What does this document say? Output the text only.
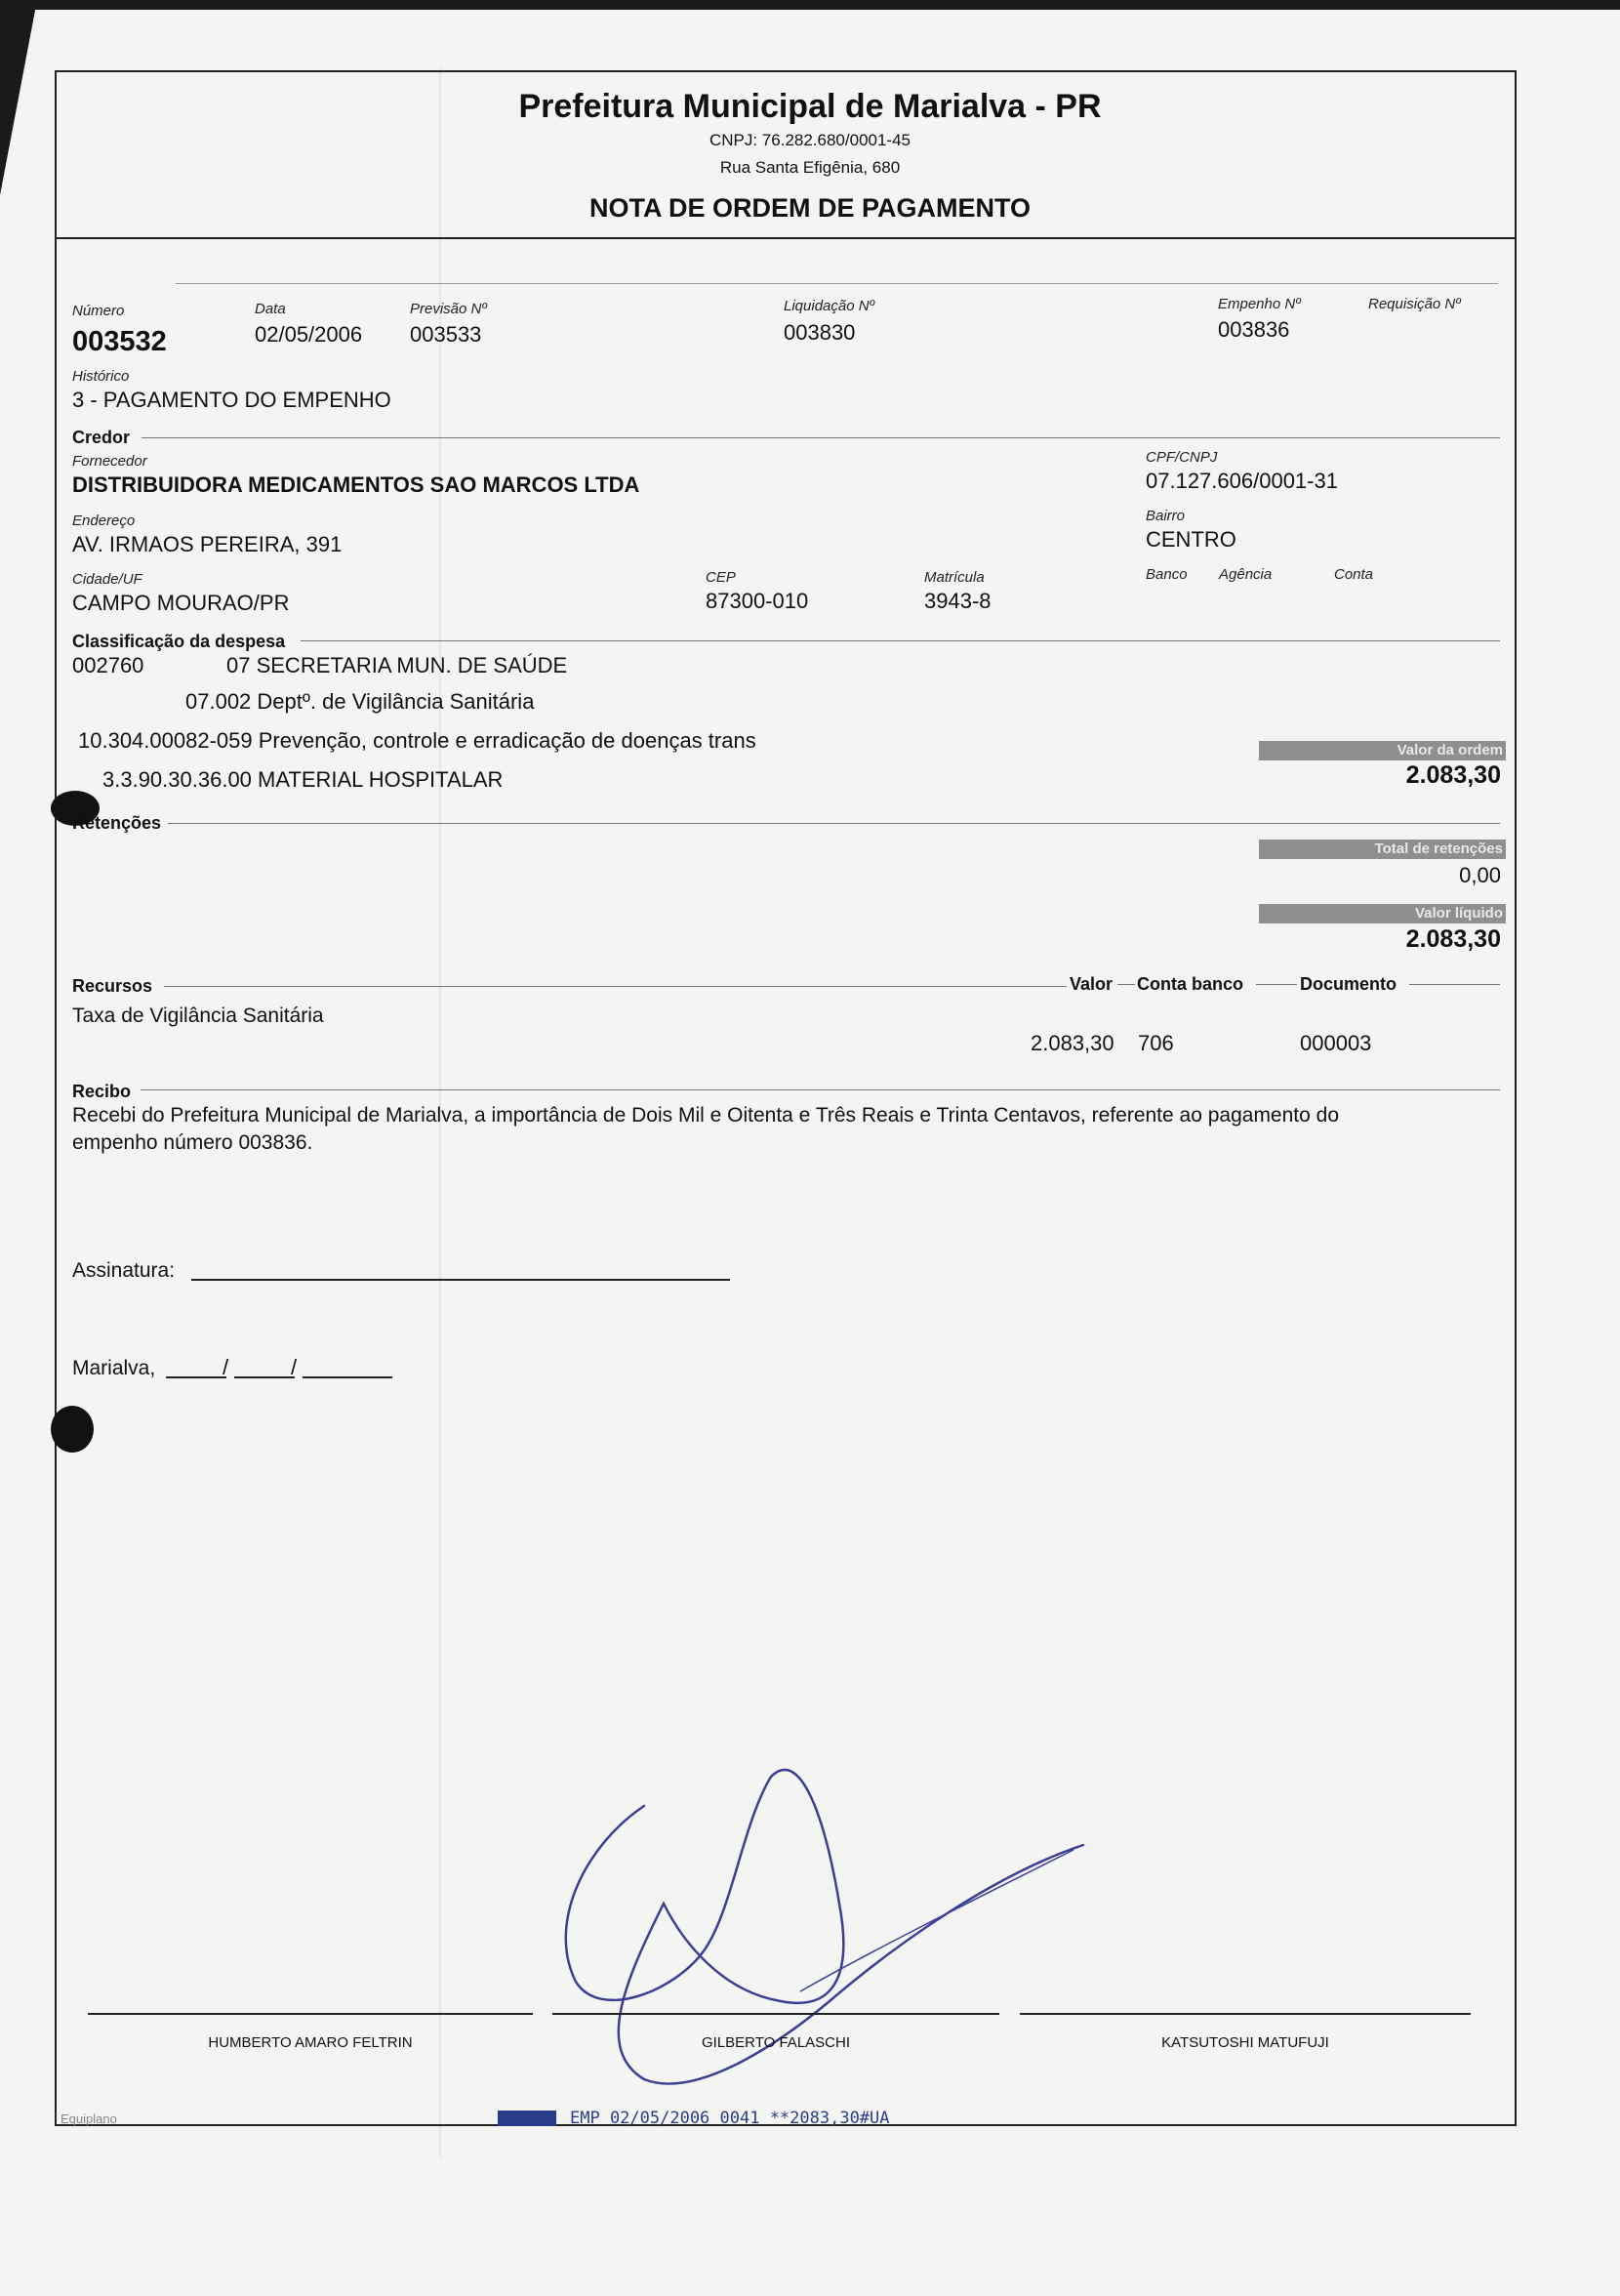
Prefeitura Municipal de Marialva - PR
CNPJ: 76.282.680/0001-45
Rua Santa Efigênia, 680
NOTA DE ORDEM DE PAGAMENTO
Número
003532
Data
02/05/2006
Previsão Nº
003533
Liquidação Nº
003830
Empenho Nº
003836
Requisição Nº
Histórico
3 - PAGAMENTO DO EMPENHO
Credor
Fornecedor
DISTRIBUIDORA MEDICAMENTOS SAO MARCOS LTDA
CPF/CNPJ
07.127.606/0001-31
Endereço
AV. IRMAOS PEREIRA, 391
Bairro
CENTRO
Cidade/UF
CAMPO MOURAO/PR
CEP
87300-010
Matrícula
3943-8
Banco Agência	Conta
Classificação da despesa
002760	07 SECRETARIA MUN. DE SAÚDE
07.002 Deptº. de Vigilância Sanitária
10.304.00082-059 Prevenção, controle e erradicação de doenças trans
3.3.90.30.36.00 MATERIAL HOSPITALAR
Valor da ordem
2.083,30
Retenções
Total de retenções
0,00
Valor líquido
2.083,30
Recursos	Valor Conta banco	Documento
Taxa de Vigilância Sanitária
2.083,30 706	000003
Recibo
Recebi do Prefeitura Municipal de Marialva, a importância de Dois Mil e Oitenta e Três Reais e Trinta Centavos, referente ao pagamento do
empenho número 003836.
Assinatura:
Marialva,	/	/
HUMBERTO AMARO FELTRIN	GILBERTO FALASCHI	KATSUTOSHI MATUFUJI
Equiplano	EMP 02/05/2006 0041 **2083,30#UA
